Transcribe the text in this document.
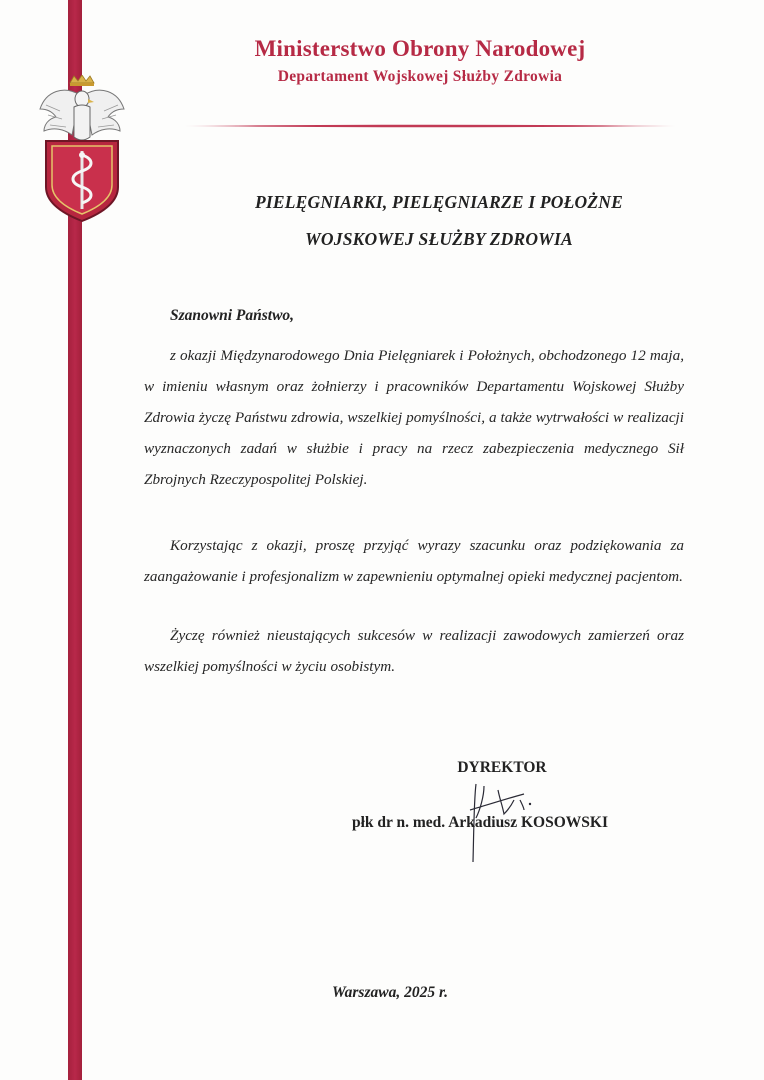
Ministerstwo Obrony Narodowej
Departament Wojskowej Służby Zdrowia
PIELĘGNIARKI, PIELĘGNIARZE I POŁOŻNE
WOJSKOWEJ SŁUŻBY ZDROWIA
Szanowni Państwo,

z okazji Międzynarodowego Dnia Pielęgniarek i Położnych, obchodzonego 12 maja, w imieniu własnym oraz żołnierzy i pracowników Departamentu Wojskowej Służby Zdrowia życzę Państwu zdrowia, wszelkiej pomyślności, a także wytrwałości w realizacji wyznaczonych zadań w służbie i pracy na rzecz zabezpieczenia medycznego Sił Zbrojnych Rzeczypospolitej Polskiej.

Korzystając z okazji, proszę przyjąć wyrazy szacunku oraz podziękowania za zaangażowanie i profesjonalizm w zapewnieniu optymalnej opieki medycznej pacjentom.

Życzę również nieustających sukcesów w realizacji zawodowych zamierzeń oraz wszelkiej pomyślności w życiu osobistym.

DYREKTOR
płk dr n. med. Arkadiusz KOSOWSKI
Warszawa, 2025 r.
